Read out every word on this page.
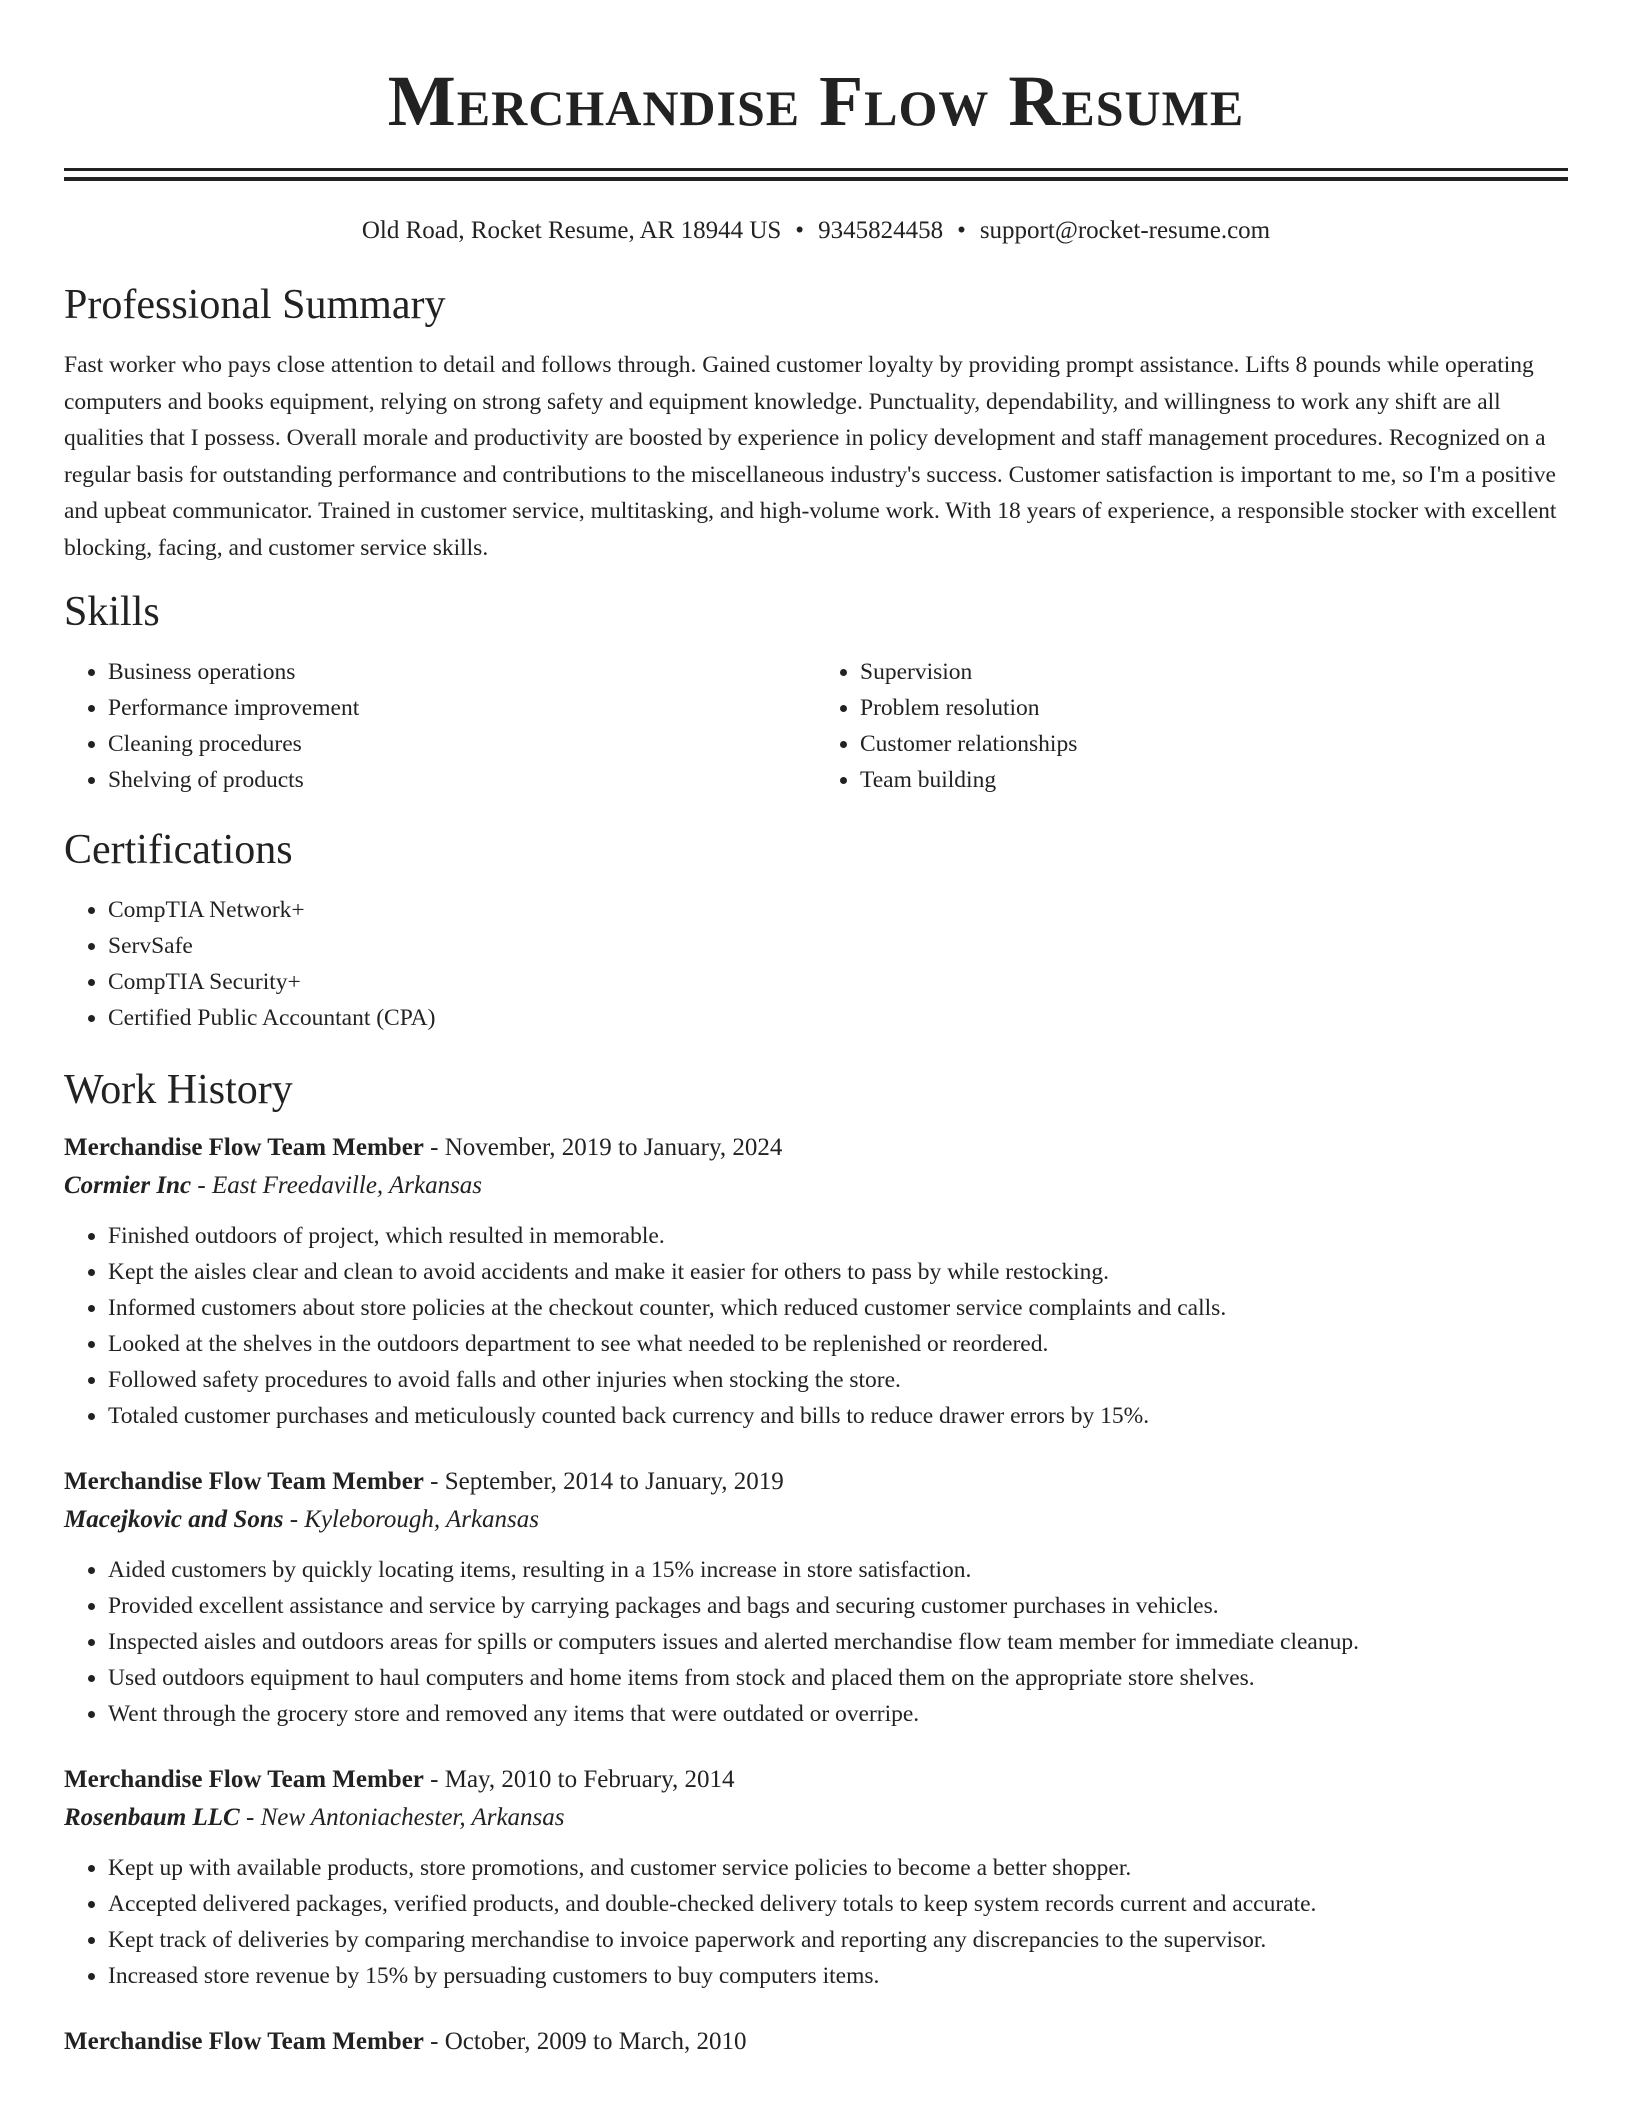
Merchandise Flow Resume
Old Road, Rocket Resume, AR 18944 US • 9345824458 • support@rocket-resume.com
Professional Summary

Fast worker who pays close attention to detail and follows through. Gained customer loyalty by providing prompt assistance. Lifts 8 pounds while operating computers and books equipment, relying on strong safety and equipment knowledge. Punctuality, dependability, and willingness to work any shift are all qualities that I possess. Overall morale and productivity are boosted by experience in policy development and staff management procedures. Recognized on a regular basis for outstanding performance and contributions to the miscellaneous industry's success. Customer satisfaction is important to me, so I'm a positive and upbeat communicator. Trained in customer service, multitasking, and high-volume work. With 18 years of experience, a responsible stocker with excellent blocking, facing, and customer service skills.

Skills
• Business operations
• Performance improvement
• Cleaning procedures
• Shelving of products
• Supervision
• Problem resolution
• Customer relationships
• Team building
Certifications
• CompTIA Network+
• ServSafe
• CompTIA Security+
• Certified Public Accountant (CPA)
Work History

Merchandise Flow Team Member - November, 2019 to January, 2024

Cormier Inc - East Freedaville, Arkansas

• Finished outdoors of project, which resulted in memorable.
• Kept the aisles clear and clean to avoid accidents and make it easier for others to pass by while restocking.
• Informed customers about store policies at the checkout counter, which reduced customer service complaints and calls.
• Looked at the shelves in the outdoors department to see what needed to be replenished or reordered.
• Followed safety procedures to avoid falls and other injuries when stocking the store.
• Totaled customer purchases and meticulously counted back currency and bills to reduce drawer errors by 15%.

Merchandise Flow Team Member - September, 2014 to January, 2019

Macejkovic and Sons - Kyleborough, Arkansas

• Aided customers by quickly locating items, resulting in a 15% increase in store satisfaction.
• Provided excellent assistance and service by carrying packages and bags and securing customer purchases in vehicles.
• Inspected aisles and outdoors areas for spills or computers issues and alerted merchandise flow team member for immediate cleanup.
• Used outdoors equipment to haul computers and home items from stock and placed them on the appropriate store shelves.
• Went through the grocery store and removed any items that were outdated or overripe.

Merchandise Flow Team Member - May, 2010 to February, 2014

Rosenbaum LLC - New Antoniachester, Arkansas

• Kept up with available products, store promotions, and customer service policies to become a better shopper.
• Accepted delivered packages, verified products, and double-checked delivery totals to keep system records current and accurate.
• Kept track of deliveries by comparing merchandise to invoice paperwork and reporting any discrepancies to the supervisor.
• Increased store revenue by 15% by persuading customers to buy computers items.

Merchandise Flow Team Member - October, 2009 to March, 2010
